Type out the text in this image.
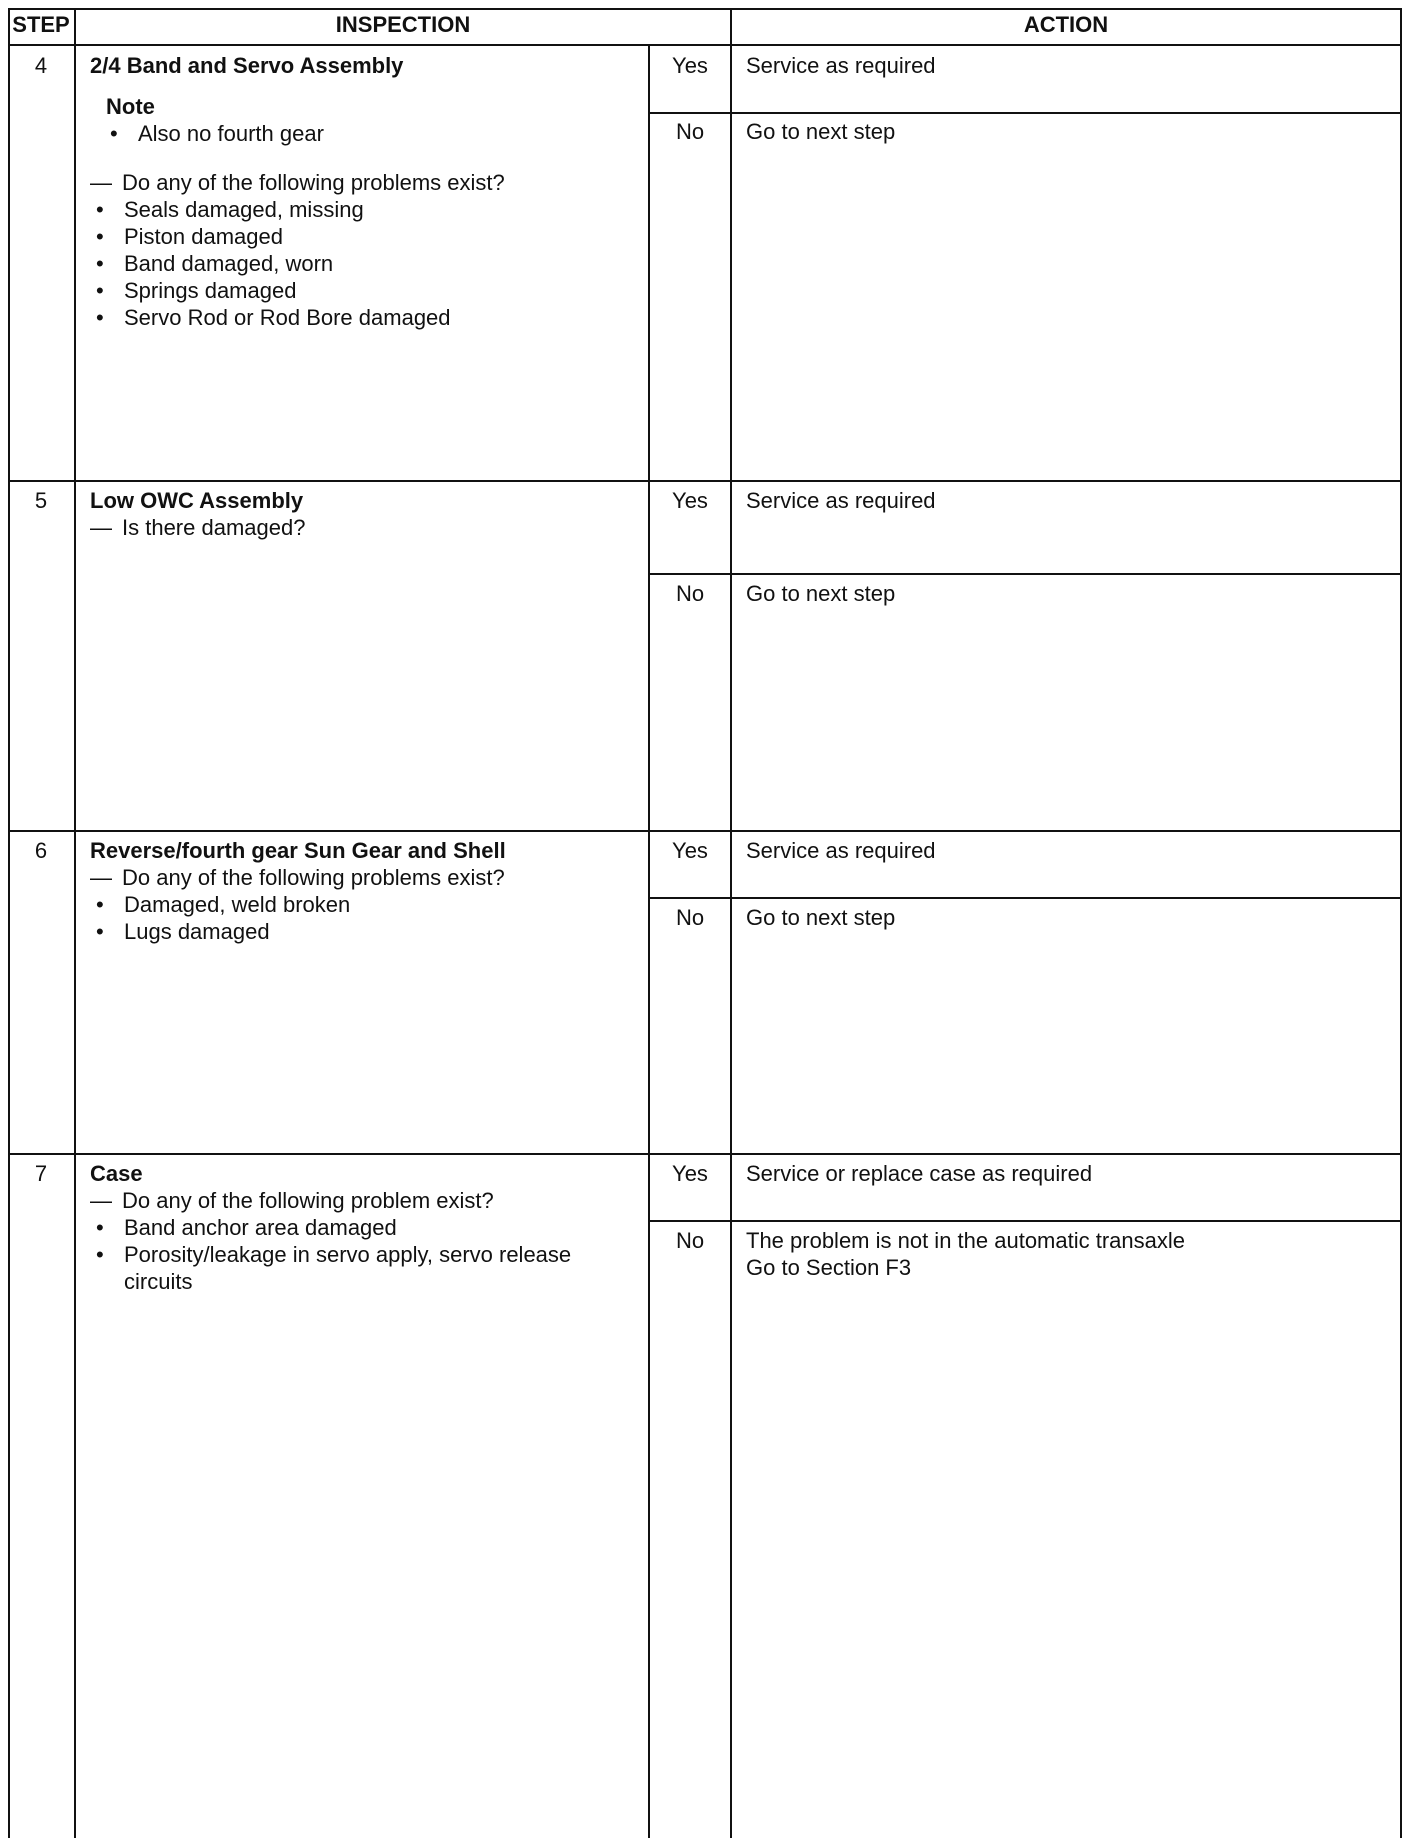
STEP	INSPECTION	ACTION
4	2/4 Band and Servo Assembly
Note
• Also no fourth gear
— Do any of the following problems exist?
• Seals damaged, missing
• Piston damaged
• Band damaged, worn
• Springs damaged
• Servo Rod or Rod Bore damaged
Yes	Service as required
No	Go to next step
5	Low OWC Assembly
— Is there damaged?
Yes	Service as required
No	Go to next step
6	Reverse/fourth gear Sun Gear and Shell
— Do any of the following problems exist?
• Damaged, weld broken
• Lugs damaged
Yes	Service as required
No	Go to next step
7	Case
— Do any of the following problem exist?
• Band anchor area damaged
• Porosity/leakage in servo apply, servo release
circuits
Yes	Service or replace case as required
No	The problem is not in the automatic transaxle
Go to Section F3
